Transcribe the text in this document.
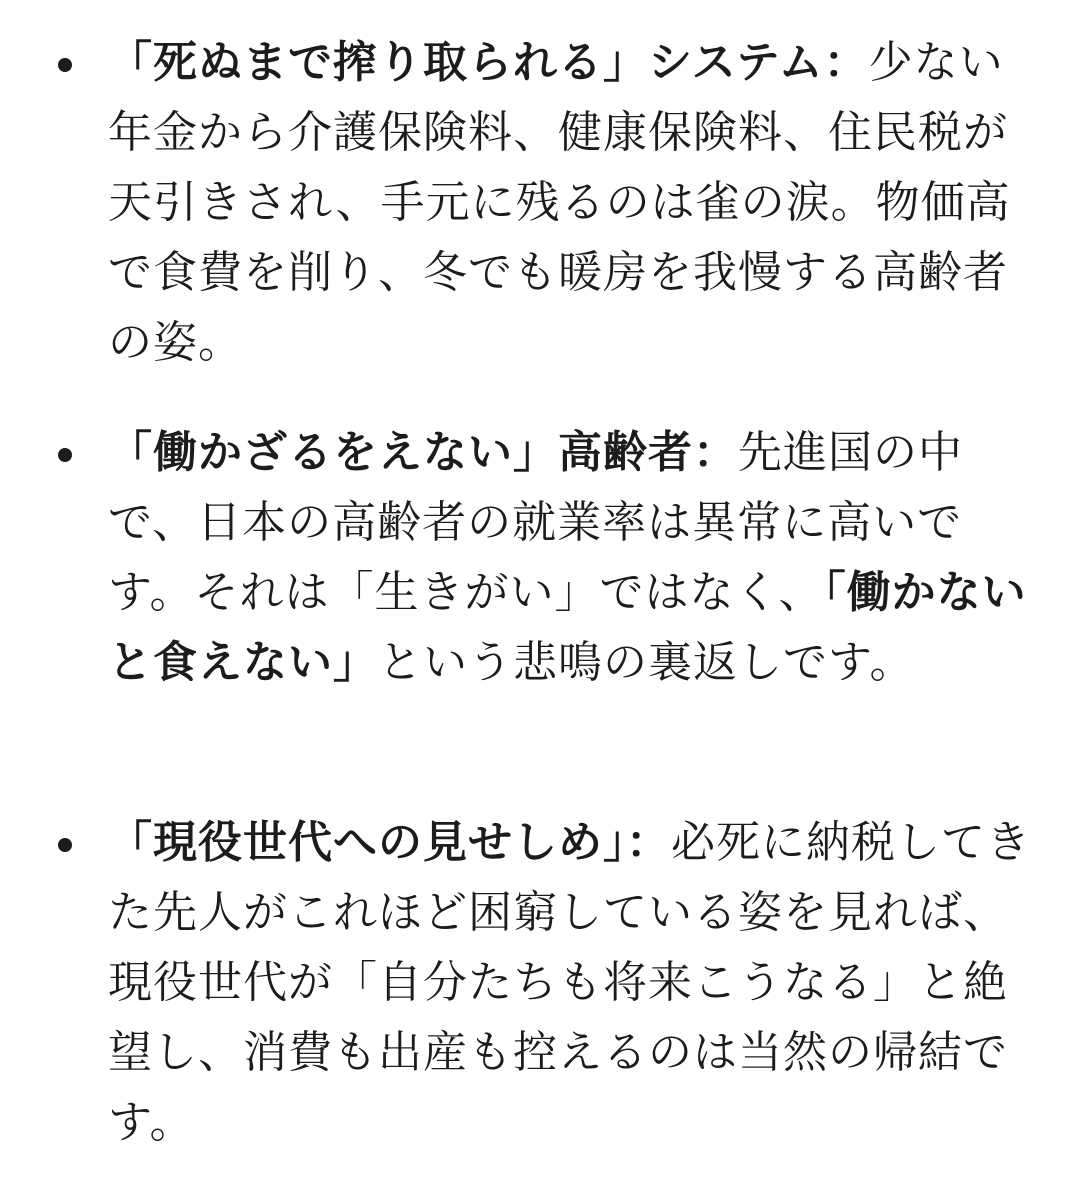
「死ぬまで搾り取られる」システム：少ない年金から介護保険料、健康保険料、住民税が天引きされ、手元に残るのは雀の涙。物価高で食費を削り、冬でも暖房を我慢する高齢者の姿。

「働かざるをえない」高齢者：先進国の中で、日本の高齢者の就業率は異常に高いです。それは「生きがい」ではなく、「働かないと食えない」という悲鳴の裏返しです。

「現役世代への見せしめ」：必死に納税してきた先人がこれほど困窮している姿を見れば、現役世代が「自分たちも将来こうなる」と絶望し、消費も出産も控えるのは当然の帰結です。
